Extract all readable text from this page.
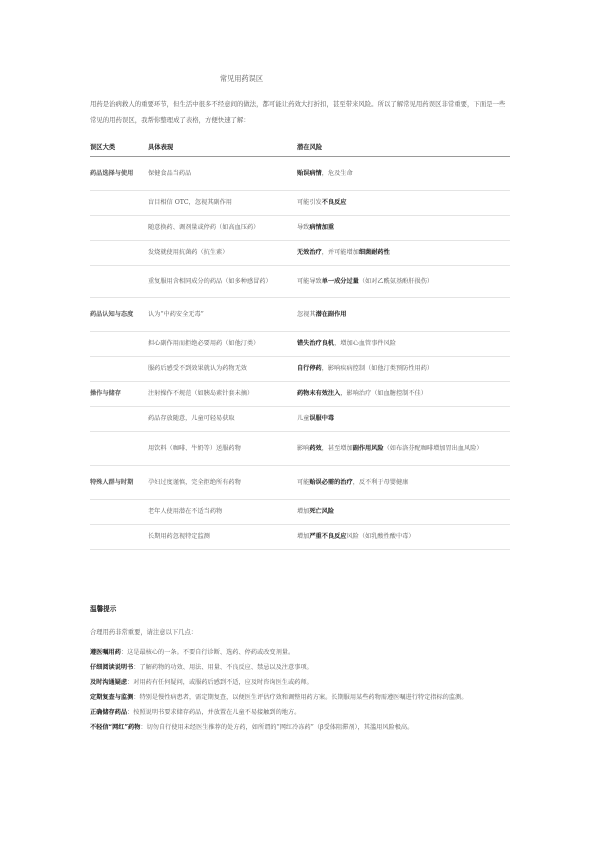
常见用药误区

用药是治病救人的重要环节，但生活中很多不经意间的做法，都可能让药效大打折扣，甚至带来风险。所以了解常见用药误区非常重要，下面是一些常见的用药误区，我帮你整理成了表格，方便快速了解：

误区大类	具体表现	潜在风险
药品选择与使用	保健食品当药品	贻误病情，危及生命
	盲目相信 OTC，忽视其副作用	可能引发不良反应
	随意换药、调剂量或停药（如高血压药）	导致病情加重
	发烧就使用抗菌药（抗生素）	无效治疗，并可能增加细菌耐药性
	重复服用含相同成分的药品（如多种感冒药）	可能导致单一成分过量（如对乙酰氨基酚肝损伤）
药品认知与态度	认为“中药安全无毒”	忽视其潜在副作用
	担心副作用而拒绝必要用药（如他汀类）	错失治疗良机，增加心血管事件风险
	服药后感受不到效果就认为药物无效	自行停药，影响疾病控制（如他汀类预防性用药）
操作与储存	注射操作不规范（如胰岛素针套未摘）	药物未有效注入，影响治疗（如血糖控制不佳）
	药品存放随意，儿童可轻易获取	儿童误服中毒
	用饮料（咖啡、牛奶等）送服药物	影响药效，甚至增加副作用风险（如布洛芬配咖啡增加胃出血风险）
特殊人群与时期	孕妇过度谨慎，完全拒绝所有药物	可能贻误必需的治疗，反不利于母婴健康
	老年人使用潜在不适当药物	增加死亡风险
	长期用药忽视特定监测	增加严重不良反应风险（如乳酸性酸中毒）
温馨提示
合理用药非常重要，请注意以下几点：

遵医嘱用药：这是最核心的一条。不要自行诊断、选药、停药或改变剂量。

仔细阅读说明书：了解药物的功效、用法、用量、不良反应、禁忌以及注意事项。

及时沟通疑虑：对用药有任何疑问，或服药后感到不适，应及时咨询医生或药师。

定期复查与监测：特别是慢性病患者，需定期复查，以便医生评估疗效和调整用药方案。长期服用某些药物需遵医嘱进行特定指标的监测。

正确储存药品：按照说明书要求储存药品，并放置在儿童不易接触到的地方。

不轻信“网红”药物：切勿自行使用未经医生推荐的处方药，如所谓的“网红冷冻药”（β受体阻滞剂），其滥用风险极高。
